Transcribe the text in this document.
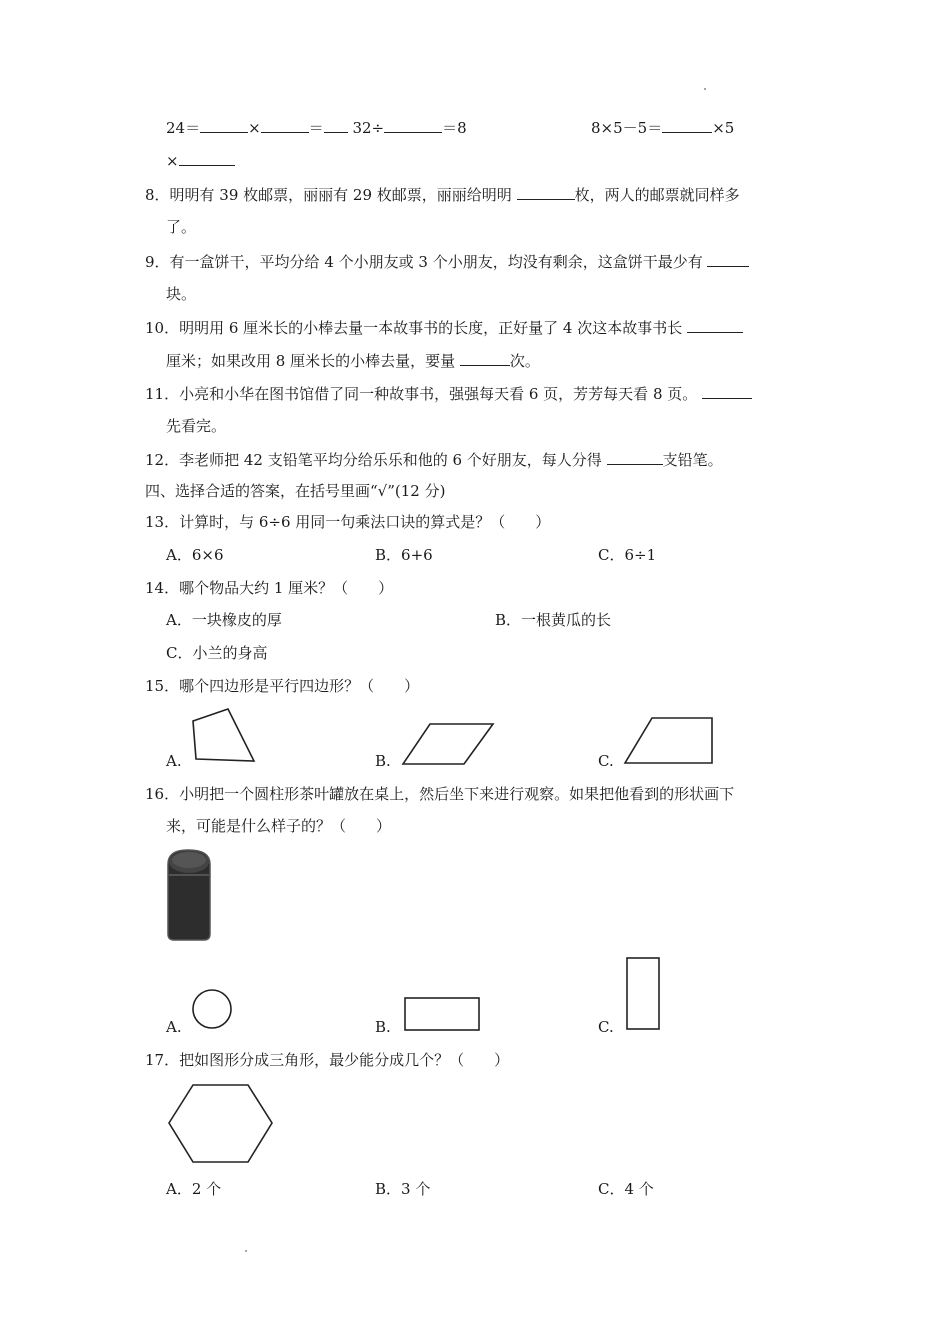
24＝	×	＝ 32÷	＝8	8×5－5＝	×5
×
8．明明有 39 枚邮票，丽丽有 29 枚邮票，丽丽给明明	枚，两人的邮票就同样多
了。
9．有一盒饼干，平均分给 4 个小朋友或 3 个小朋友，均没有剩余，这盒饼干最少有
块。
10．明明用 6 厘米长的小棒去量一本故事书的长度，正好量了 4 次这本故事书长
厘米；如果改用 8 厘米长的小棒去量，要量	次。
11．小亮和小华在图书馆借了同一种故事书，强强每天看 6 页，芳芳每天看 8 页。
先看完。
12．李老师把 42 支铅笔平均分给乐乐和他的 6 个好朋友，每人分得	支铅笔。
四、选择合适的答案，在括号里画“√”(12 分)
13．计算时，与 6÷6 用同一句乘法口诀的算式是？（　　）
A．6×6	B．6+6	C．6÷1
14．哪个物品大约 1 厘米？（　　）
A．一块橡皮的厚	B．一根黄瓜的长
C．小兰的身高
15．哪个四边形是平行四边形？（　　）
A.	B.	C.
16．小明把一个圆柱形茶叶罐放在桌上，然后坐下来进行观察。如果把他看到的形状画下
来，可能是什么样子的？（　　）
A.	B.	C.
17．把如图形分成三角形，最少能分成几个？（　　）
A．2 个	B．3 个	C．4 个
